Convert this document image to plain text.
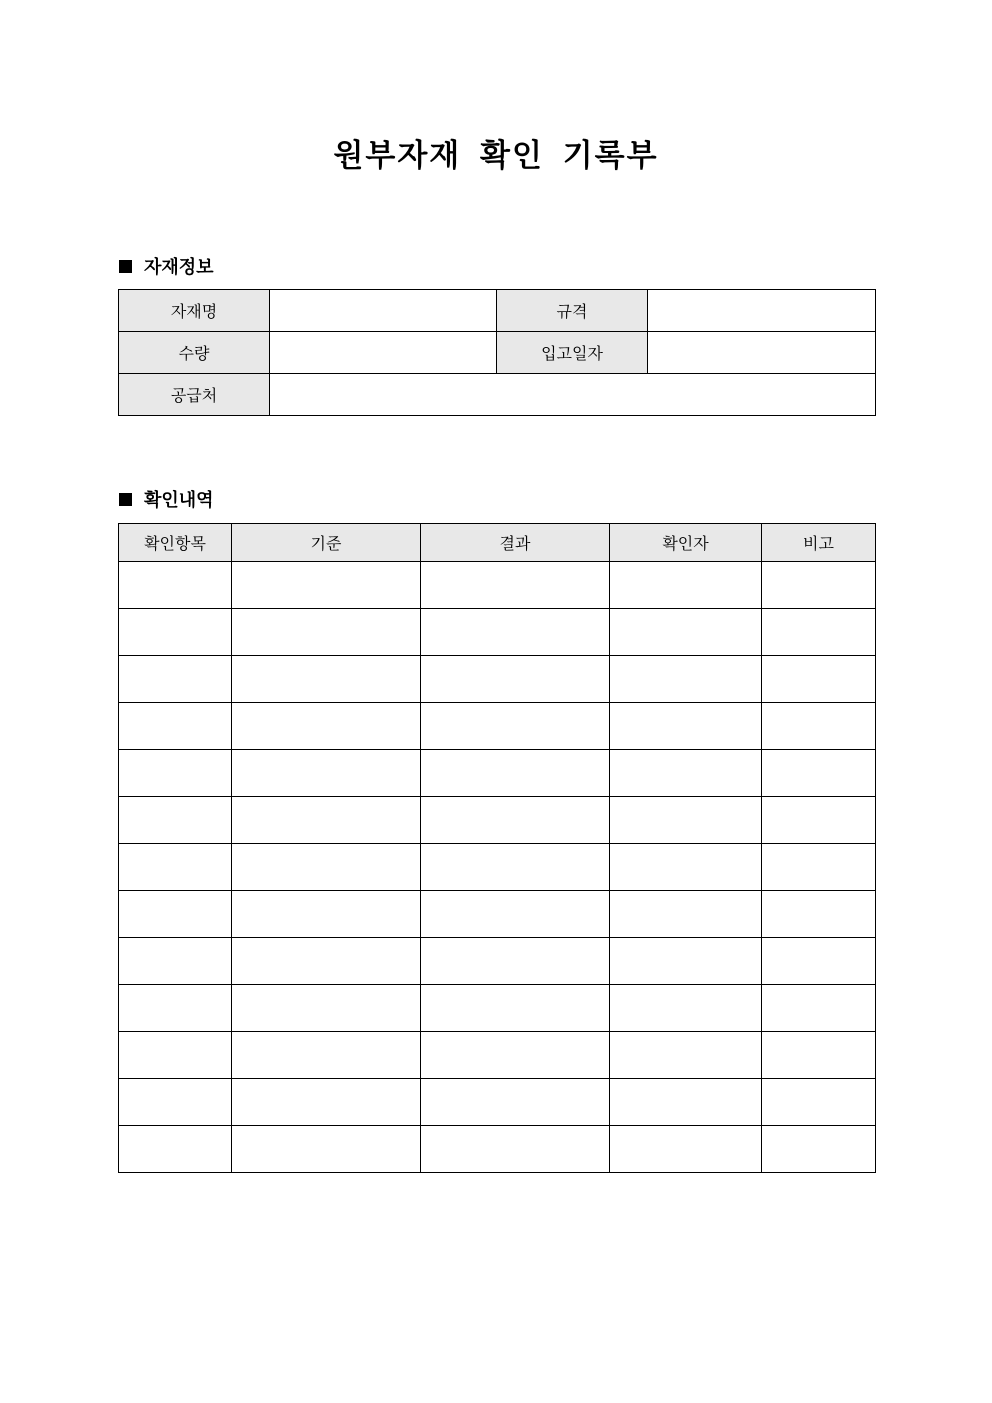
원부자재 확인 기록부
자재정보
자재명		규격	
수량		입고일자	
공급처			
확인내역
확인항목	기준	결과	확인자	비고
